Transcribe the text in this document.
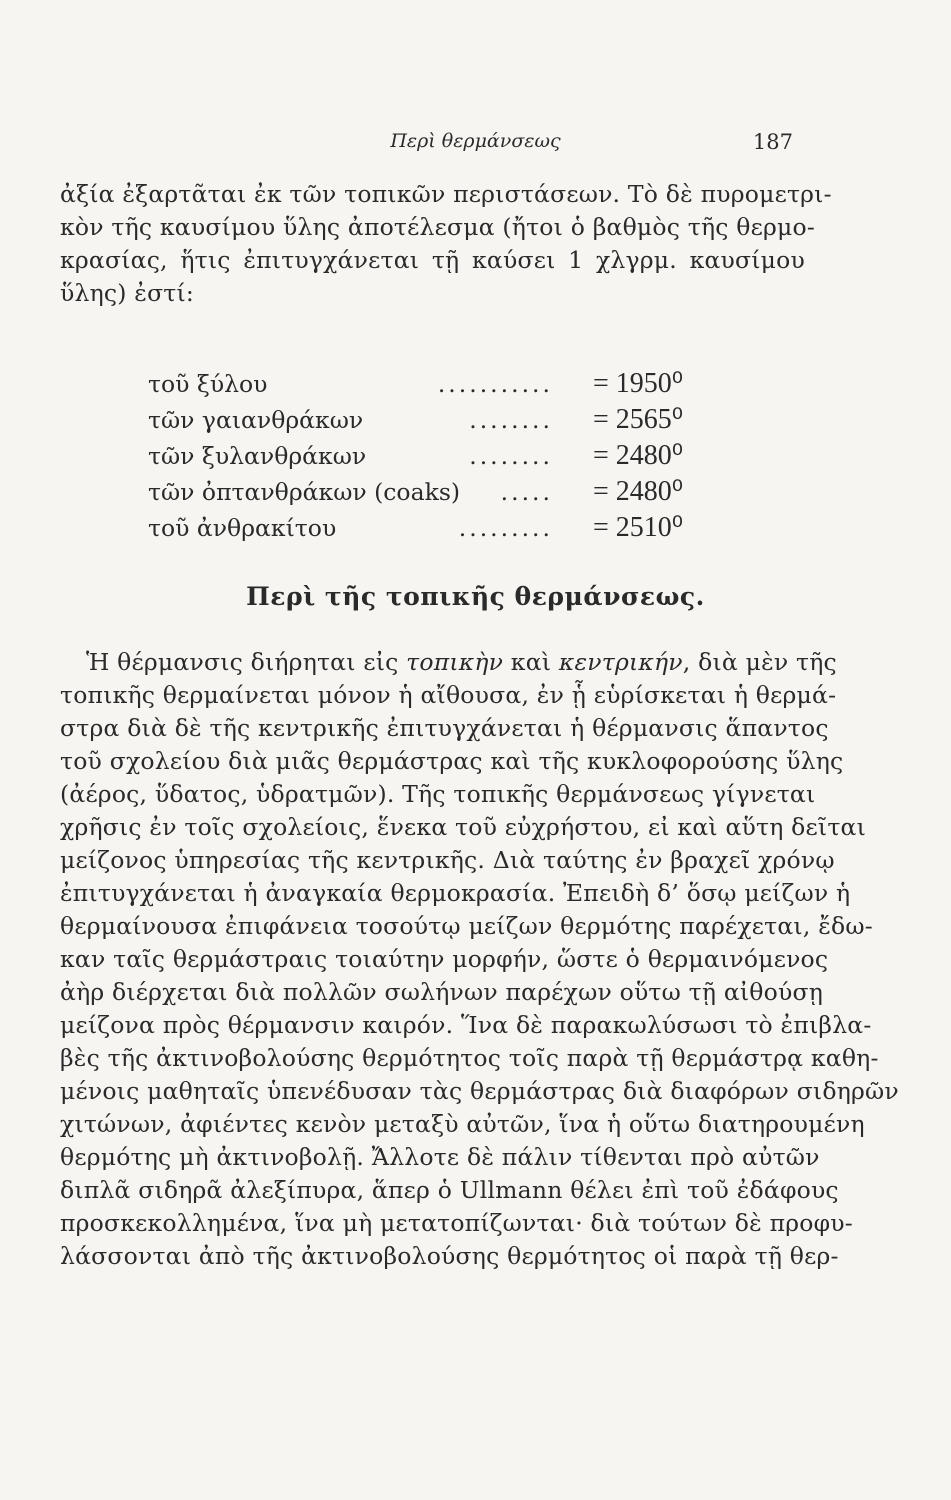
Περὶ θερμάνσεως	187
ἀξία ἐξαρτᾶται ἐκ τῶν τοπικῶν περιστάσεων. Τὸ δὲ πυρομετρι-
κὸν τῆς καυσίμου ὕλης ἀποτέλεσμα (ἤτοι ὁ βαθμὸς τῆς θερμο-
κρασίας, ἥτις ἐπιτυγχάνεται τῇ καύσει 1 χλγρμ. καυσίμου
ὕλης) ἐστί:
τοῦ ξύλου	........... = 1950⁰
τῶν γαιανθράκων	........ = 2565⁰
τῶν ξυλανθράκων	........ = 2480⁰
τῶν ὀπτανθράκων (coaks) ..... = 2480⁰
τοῦ ἀνθρακίτου	......... = 2510⁰
Περὶ τῆς τοπικῆς θερμάνσεως.
Ἡ θέρμανσις διήρηται εἰς τοπικὴν καὶ κεντρικήν, διὰ μὲν τῆς
τοπικῆς θερμαίνεται μόνον ἡ αἴθουσα, ἐν ᾗ εὑρίσκεται ἡ θερμά-
στρα διὰ δὲ τῆς κεντρικῆς ἐπιτυγχάνεται ἡ θέρμανσις ἅπαντος
τοῦ σχολείου διὰ μιᾶς θερμάστρας καὶ τῆς κυκλοφορούσης ὕλης
(ἀέρος, ὕδατος, ὑδρατμῶν). Τῆς τοπικῆς θερμάνσεως γίγνεται
χρῆσις ἐν τοῖς σχολείοις, ἕνεκα τοῦ εὐχρήστου, εἰ καὶ αὕτη δεῖται
μείζονος ὑπηρεσίας τῆς κεντρικῆς. Διὰ ταύτης ἐν βραχεῖ χρόνῳ
ἐπιτυγχάνεται ἡ ἀναγκαία θερμοκρασία. Ἐπειδὴ δ’ ὅσῳ μείζων ἡ
θερμαίνουσα ἐπιφάνεια τοσούτῳ μείζων θερμότης παρέχεται, ἔδω-
καν ταῖς θερμάστραις τοιαύτην μορφήν, ὥστε ὁ θερμαινόμενος
ἀὴρ διέρχεται διὰ πολλῶν σωλήνων παρέχων οὕτω τῇ αἰθούσῃ
μείζονα πρὸς θέρμανσιν καιρόν. Ἵνα δὲ παρακωλύσωσι τὸ ἐπιβλα-
βὲς τῆς ἀκτινοβολούσης θερμότητος τοῖς παρὰ τῇ θερμάστρᾳ καθη-
μένοις μαθηταῖς ὑπενέδυσαν τὰς θερμάστρας διὰ διαφόρων σιδηρῶν
χιτώνων, ἀφιέντες κενὸν μεταξὺ αὐτῶν, ἵνα ἡ οὕτω διατηρουμένη
θερμότης μὴ ἀκτινοβολῇ. Ἄλλοτε δὲ πάλιν τίθενται πρὸ αὐτῶν
διπλᾶ σιδηρᾶ ἀλεξίπυρα, ἅπερ ὁ Ullmann θέλει ἐπὶ τοῦ ἐδάφους
προσκεκολλημένα, ἵνα μὴ μετατοπίζωνται· διὰ τούτων δὲ προφυ-
λάσσονται ἀπὸ τῆς ἀκτινοβολούσης θερμότητος οἱ παρὰ τῇ θερ-
